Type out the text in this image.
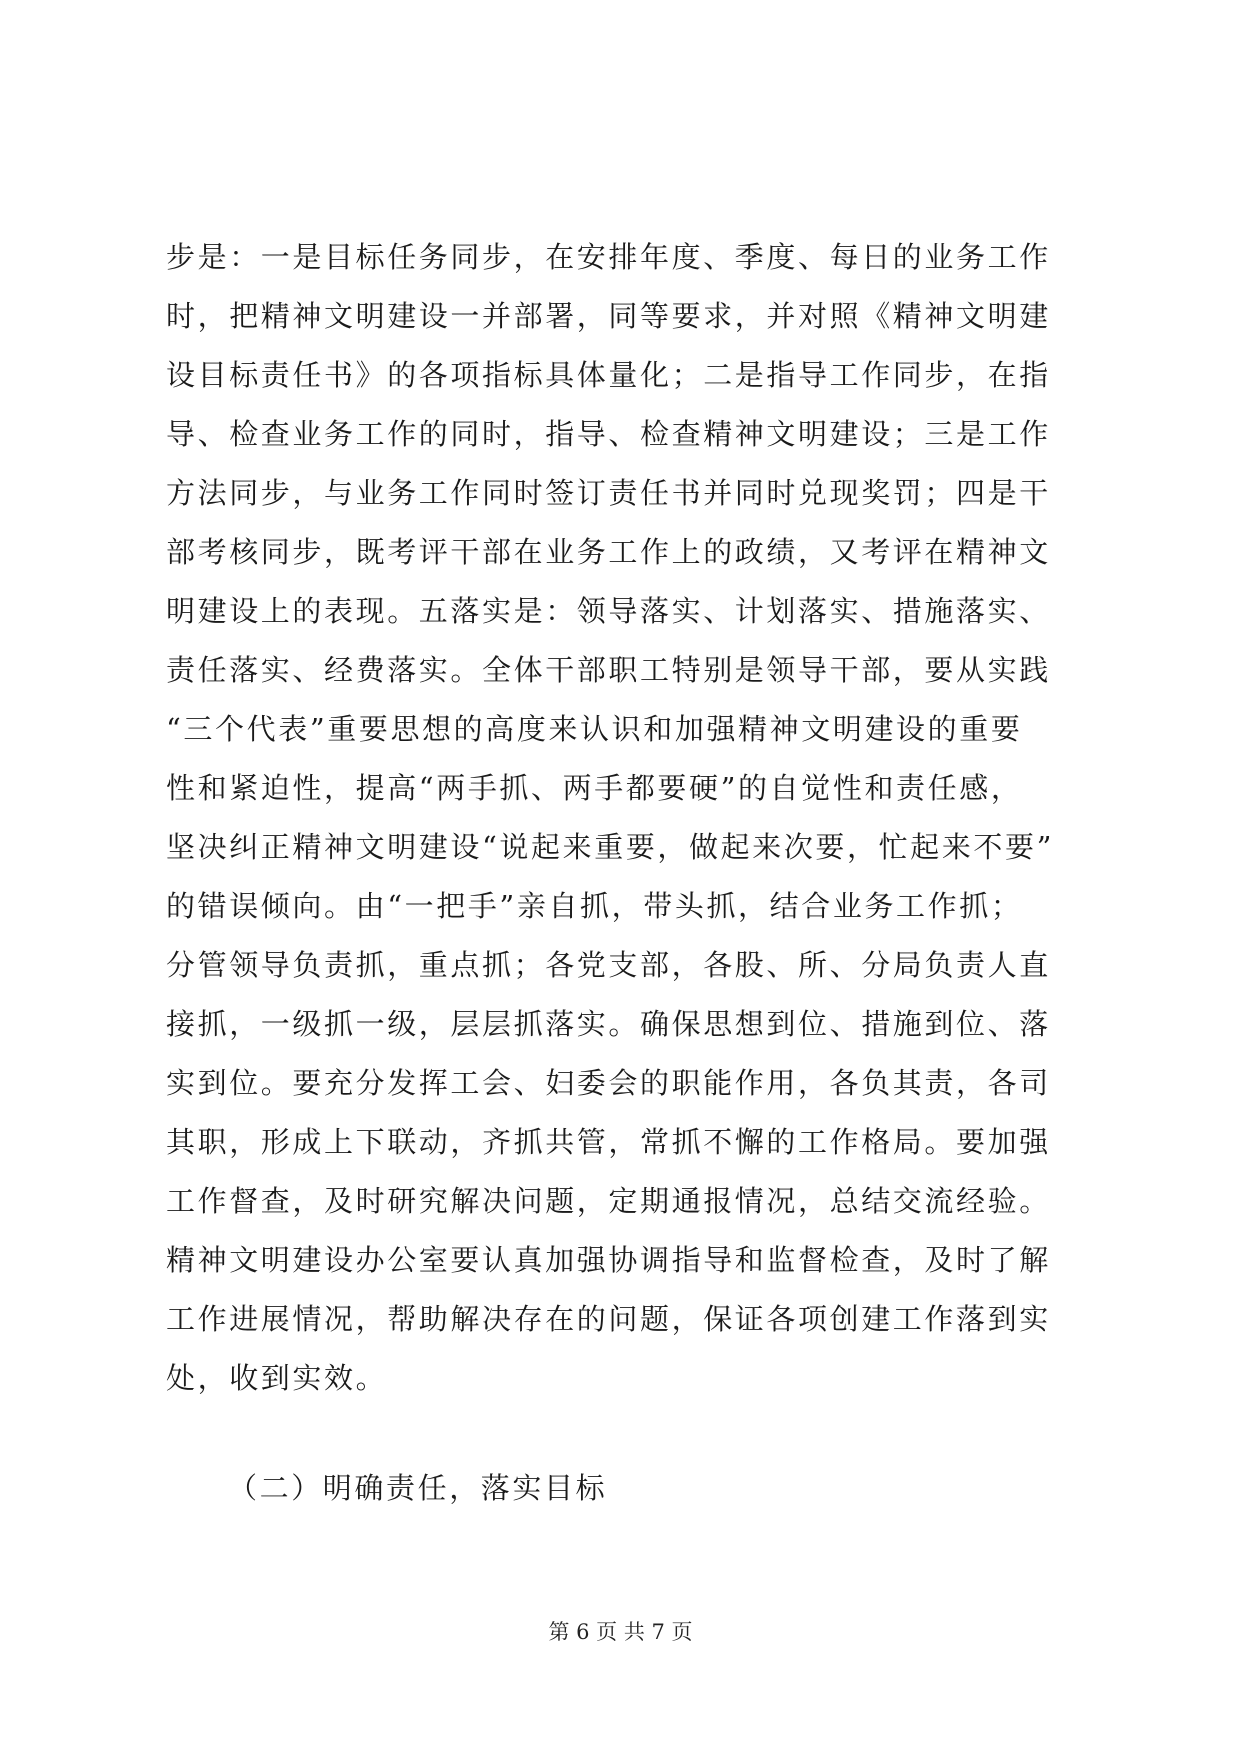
步是：一是目标任务同步，在安排年度、季度、每日的业务工作
时，把精神文明建设一并部署，同等要求，并对照《精神文明建
设目标责任书》的各项指标具体量化；二是指导工作同步，在指
导、检查业务工作的同时，指导、检查精神文明建设；三是工作
方法同步，与业务工作同时签订责任书并同时兑现奖罚；四是干
部考核同步，既考评干部在业务工作上的政绩，又考评在精神文
明建设上的表现。五落实是：领导落实、计划落实、措施落实、
责任落实、经费落实。全体干部职工特别是领导干部，要从实践
“三个代表”重要思想的高度来认识和加强精神文明建设的重要
性和紧迫性，提高“两手抓、两手都要硬”的自觉性和责任感，
坚决纠正精神文明建设“说起来重要，做起来次要，忙起来不要”
的错误倾向。由“一把手”亲自抓，带头抓，结合业务工作抓；
分管领导负责抓，重点抓；各党支部，各股、所、分局负责人直
接抓，一级抓一级，层层抓落实。确保思想到位、措施到位、落
实到位。要充分发挥工会、妇委会的职能作用，各负其责，各司
其职，形成上下联动，齐抓共管，常抓不懈的工作格局。要加强
工作督查，及时研究解决问题，定期通报情况，总结交流经验。
精神文明建设办公室要认真加强协调指导和监督检查，及时了解
工作进展情况，帮助解决存在的问题，保证各项创建工作落到实
处，收到实效。
（二）明确责任，落实目标
第 6 页 共 7 页
